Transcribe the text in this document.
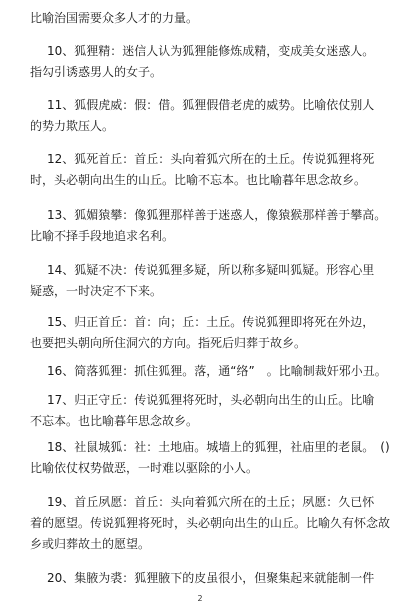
比喻治国需要众多人才的力量。
10、狐狸精：迷信人认为狐狸能修炼成精，变成美女迷惑人。
指勾引诱惑男人的女子。
11、狐假虎威：假：借。狐狸假借老虎的威势。比喻依仗别人
的势力欺压人。
12、狐死首丘：首丘：头向着狐穴所在的土丘。传说狐狸将死
时，头必朝向出生的山丘。比喻不忘本。也比喻暮年思念故乡。
13、狐媚猿攀：像狐狸那样善于迷惑人，像猿猴那样善于攀高。
比喻不择手段地追求名利。
14、狐疑不决：传说狐狸多疑，所以称多疑叫狐疑。形容心里
疑惑，一时决定不下来。
15、归正首丘：首：向；丘：土丘。传说狐狸即将死在外边，
也要把头朝向所住洞穴的方向。指死后归葬于故乡。
16、简落狐狸：抓住狐狸。落，通“络”　。比喻制裁奸邪小丑。
17、归正守丘：传说狐狸将死时，头必朝向出生的山丘。比喻
不忘本。也比喻暮年思念故乡。
18、社鼠城狐：社：土地庙。城墙上的狐狸，社庙里的老鼠。　()
比喻依仗权势做恶，一时难以驱除的小人。
19、首丘夙愿：首丘：头向着狐穴所在的土丘；夙愿：久已怀
着的愿望。传说狐狸将死时，头必朝向出生的山丘。比喻久有怀念故
乡或归葬故土的愿望。
20、集腋为裘：狐狸腋下的皮虽很小，但聚集起来就能制一件
2
